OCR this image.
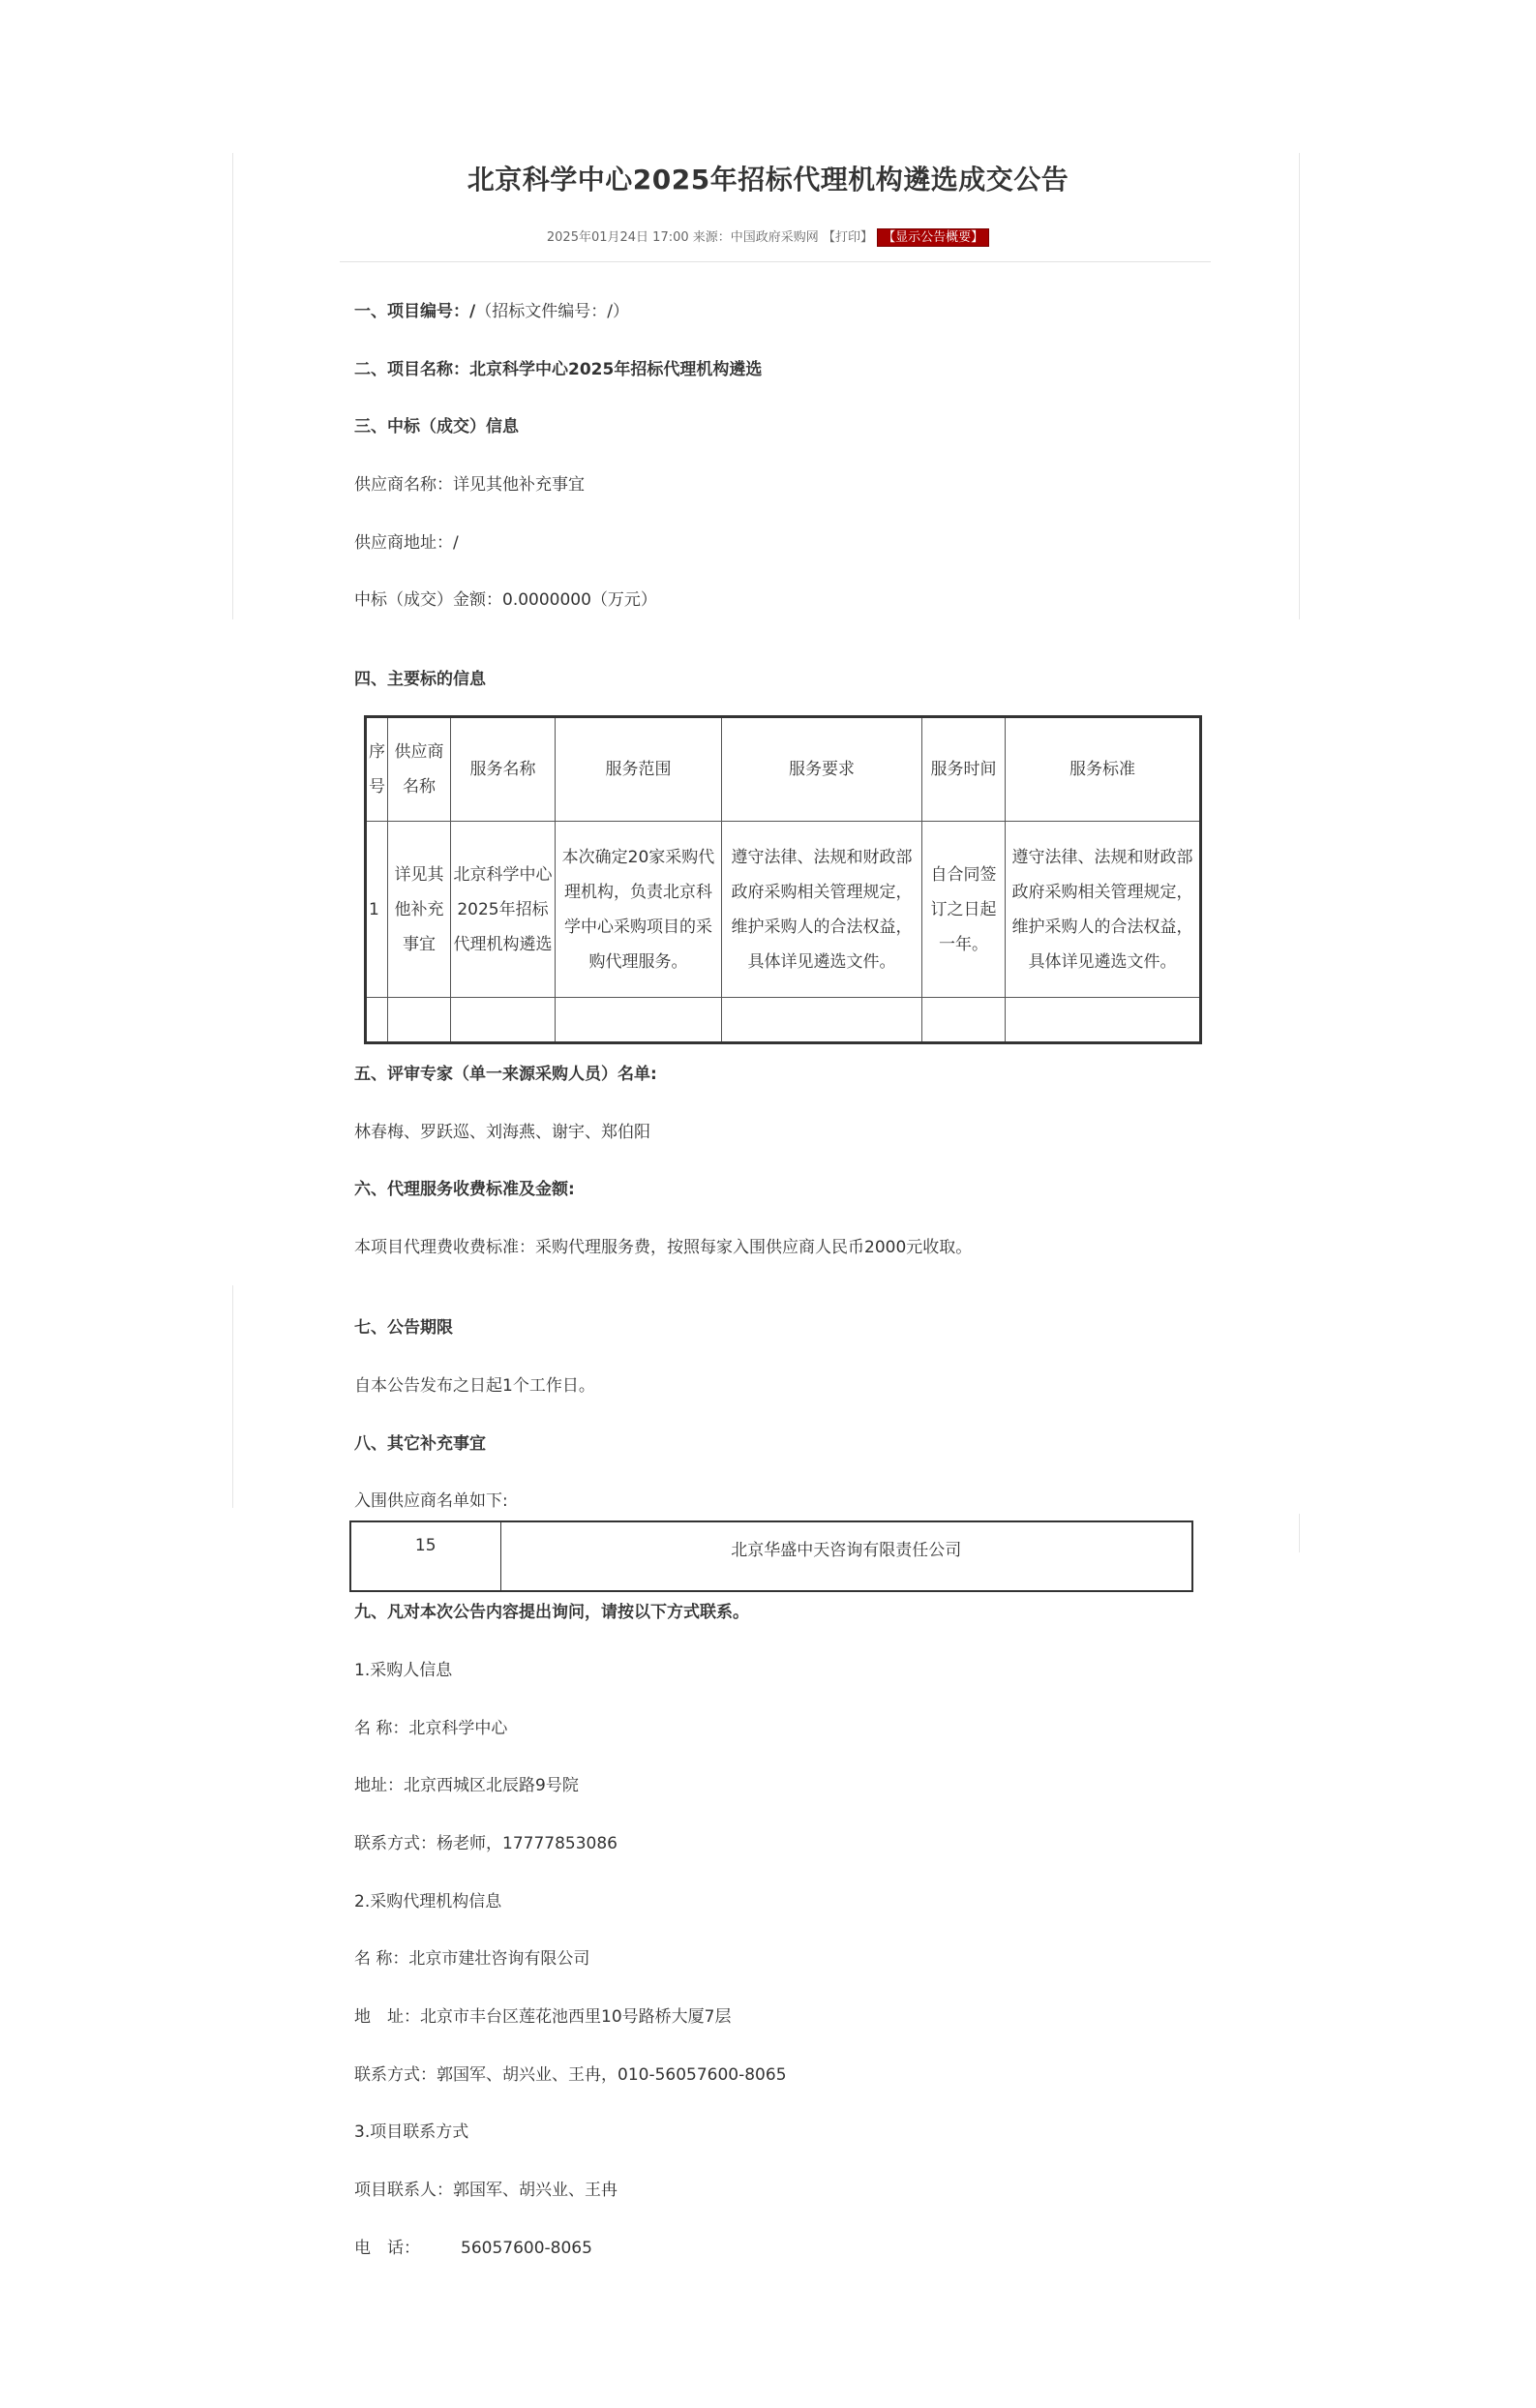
北京科学中心2025年招标代理机构遴选成交公告
2025年01月24日 17:00 来源：中国政府采购网 【打印】 【显示公告概要】
一、项目编号：/（招标文件编号：/）
二、项目名称：北京科学中心2025年招标代理机构遴选
三、中标（成交）信息
供应商名称：详见其他补充事宜
供应商地址：/
中标（成交）金额：0.0000000（万元）
四、主要标的信息
序号	供应商名称	服务名称	服务范围	服务要求	服务时间	服务标准
1	详见其他补充事宜	北京科学中心2025年招标代理机构遴选	本次确定20家采购代理机构，负责北京科学中心采购项目的采购代理服务。	遵守法律、法规和财政部政府采购相关管理规定，维护采购人的合法权益，具体详见遴选文件。	自合同签订之日起一年。	遵守法律、法规和财政部政府采购相关管理规定，维护采购人的合法权益，具体详见遴选文件。

五、评审专家（单一来源采购人员）名单:
林春梅、罗跃巡、刘海燕、谢宇、郑伯阳
六、代理服务收费标准及金额:
本项目代理费收费标准：采购代理服务费，按照每家入围供应商人民币2000元收取。
七、公告期限
自本公告发布之日起1个工作日。
八、其它补充事宜
入围供应商名单如下:
15	北京华盛中天咨询有限责任公司
九、凡对本次公告内容提出询问，请按以下方式联系。
1.采购人信息
名 称：北京科学中心
地址：北京西城区北辰路9号院
联系方式：杨老师，17777853086
2.采购代理机构信息
名 称：北京市建壮咨询有限公司
地　址：北京市丰台区莲花池西里10号路桥大厦7层
联系方式：郭国军、胡兴业、王冉，010-56057600-8065
3.项目联系方式
项目联系人：郭国军、胡兴业、王冉
电　话： 56057600-8065
